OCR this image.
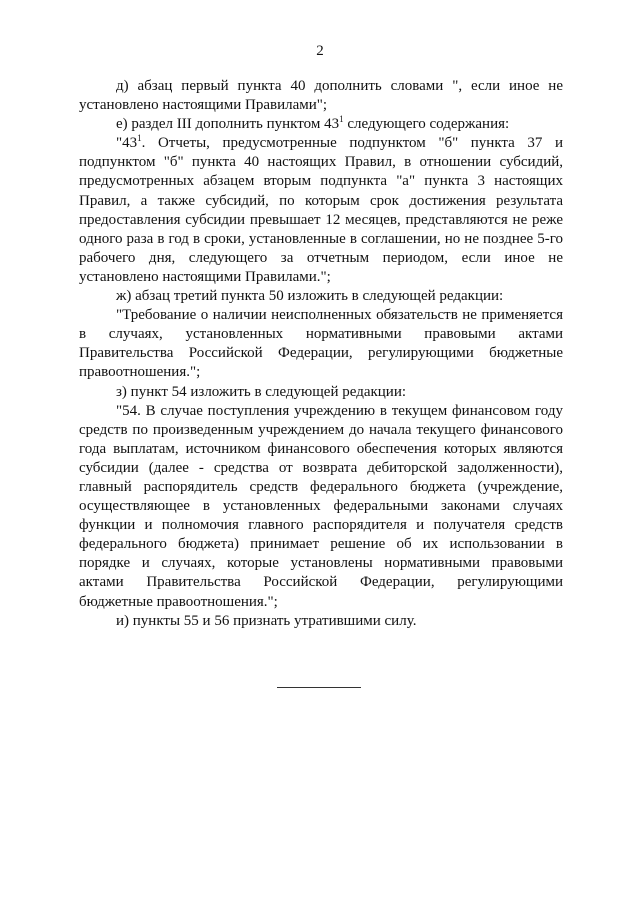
2

д) абзац первый пункта 40 дополнить словами ", если иное не установлено настоящими Правилами";

е) раздел III дополнить пунктом $43^1$ следующего содержания:

"$43^1$. Отчеты, предусмотренные подпунктом "б" пункта 37 и подпунктом "б" пункта 40 настоящих Правил, в отношении субсидий, предусмотренных абзацем вторым подпункта "а" пункта 3 настоящих Правил, а также субсидий, по которым срок достижения результата предоставления субсидии превышает 12 месяцев, представляются не реже одного раза в год в сроки, установленные в соглашении, но не позднее 5-го рабочего дня, следующего за отчетным периодом, если иное не установлено настоящими Правилами.";

ж) абзац третий пункта 50 изложить в следующей редакции:

"Требование о наличии неисполненных обязательств не применяется в случаях, установленных нормативными правовыми актами Правительства Российской Федерации, регулирующими бюджетные правоотношения.";

з) пункт 54 изложить в следующей редакции:

"54. В случае поступления учреждению в текущем финансовом году средств по произведенным учреждением до начала текущего финансового года выплатам, источником финансового обеспечения которых являются субсидии (далее - средства от возврата дебиторской задолженности), главный распорядитель средств федерального бюджета (учреждение, осуществляющее в установленных федеральными законами случаях функции и полномочия главного распорядителя и получателя средств федерального бюджета) принимает решение об их использовании в порядке и случаях, которые установлены нормативными правовыми актами Правительства Российской Федерации, регулирующими бюджетные правоотношения.";

и) пункты 55 и 56 признать утратившими силу.
